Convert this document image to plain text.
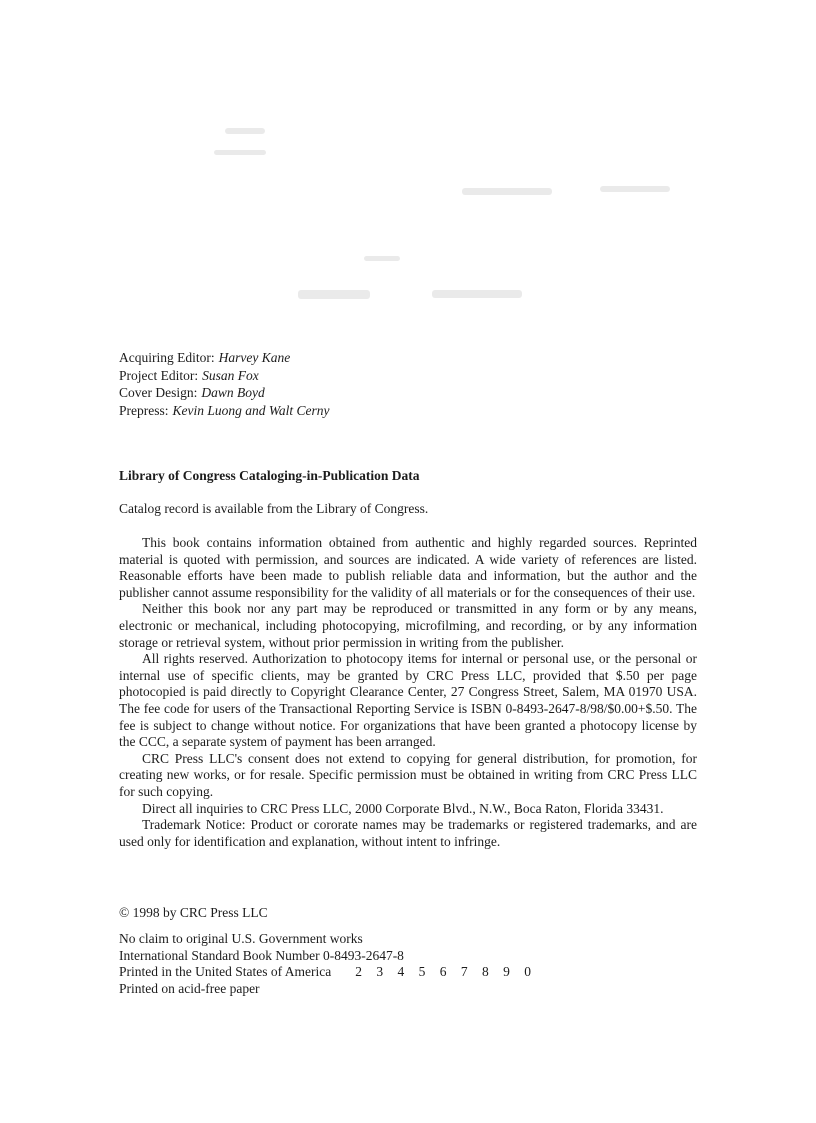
Acquiring Editor: Harvey Kane
Project Editor: Susan Fox
Cover Design: Dawn Boyd
Prepress: Kevin Luong and Walt Cerny
Library of Congress Cataloging-in-Publication Data
Catalog record is available from the Library of Congress.

This book contains information obtained from authentic and highly regarded sources. Reprinted material is quoted with permission, and sources are indicated. A wide variety of references are listed. Reasonable efforts have been made to publish reliable data and information, but the author and the publisher cannot assume responsibility for the validity of all materials or for the consequences of their use.

Neither this book nor any part may be reproduced or transmitted in any form or by any means, electronic or mechanical, including photocopying, microfilming, and recording, or by any information storage or retrieval system, without prior permission in writing from the publisher.

All rights reserved. Authorization to photocopy items for internal or personal use, or the personal or internal use of specific clients, may be granted by CRC Press LLC, provided that $.50 per page photocopied is paid directly to Copyright Clearance Center, 27 Congress Street, Salem, MA 01970 USA. The fee code for users of the Transactional Reporting Service is ISBN 0-8493-2647-8/98/$0.00+$.50. The fee is subject to change without notice. For organizations that have been granted a photocopy license by the CCC, a separate system of payment has been arranged.

CRC Press LLC's consent does not extend to copying for general distribution, for promotion, for creating new works, or for resale. Specific permission must be obtained in writing from CRC Press LLC for such copying.

Direct all inquiries to CRC Press LLC, 2000 Corporate Blvd., N.W., Boca Raton, Florida 33431.

Trademark Notice: Product or cororate names may be trademarks or registered trademarks, and are used only for identification and explanation, without intent to infringe.

© 1998 by CRC Press LLC
No claim to original U.S. Government works
International Standard Book Number 0-8493-2647-8
Printed in the United States of America 2 3 4 5 6 7 8 9 0
Printed on acid-free paper
